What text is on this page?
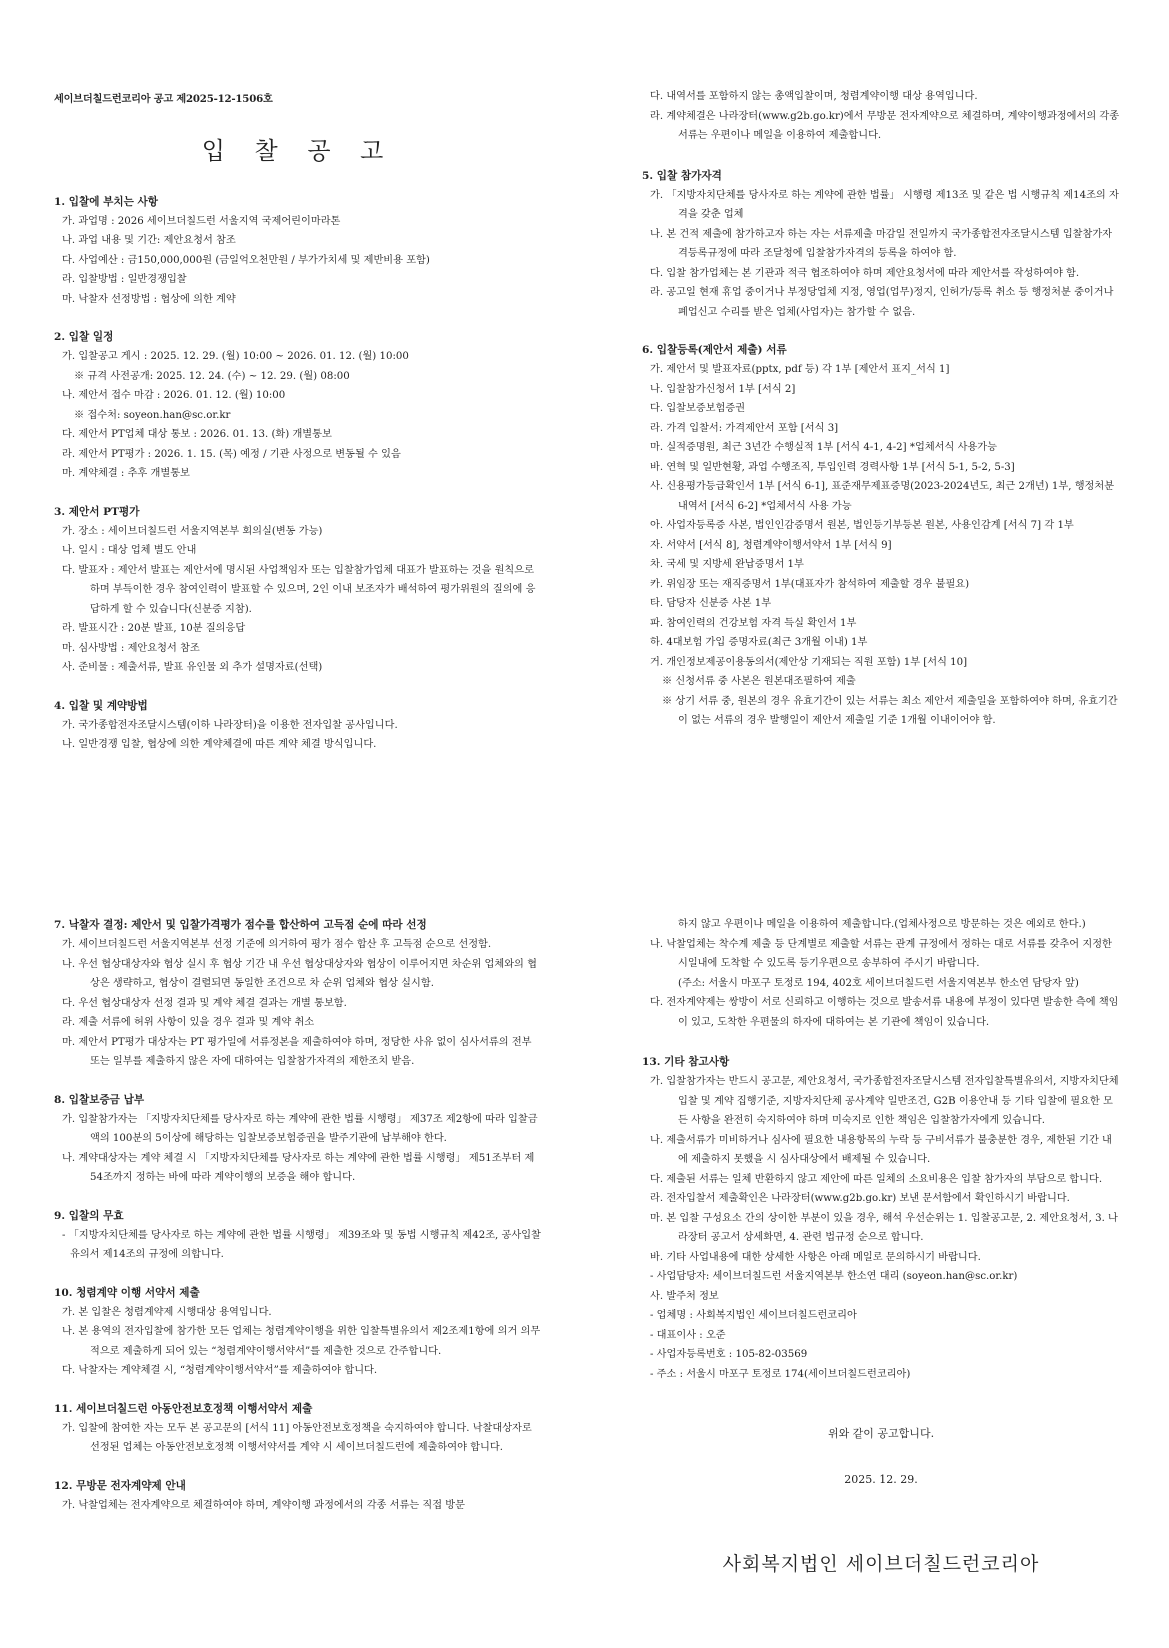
세이브더칠드런코리아 공고 제2025-12-1506호

입 찰 공 고
1. 입찰에 부치는 사항

가. 과업명 : 2026 세이브더칠드런 서울지역 국제어린이마라톤

나. 과업 내용 및 기간: 제안요청서 참조

다. 사업예산 : 금150,000,000원 (금일억오천만원 / 부가가치세 및 제반비용 포함)

라. 입찰방법 : 일반경쟁입찰

마. 낙찰자 선정방법 : 협상에 의한 계약

2. 입찰 일정

가. 입찰공고 게시 : 2025. 12. 29. (월) 10:00 ~ 2026. 01. 12. (월) 10:00

※ 규격 사전공개: 2025. 12. 24. (수) ~ 12. 29. (월) 08:00

나. 제안서 접수 마감 : 2026. 01. 12. (월) 10:00

※ 접수처: soyeon.han@sc.or.kr

다. 제안서 PT업체 대상 통보 : 2026. 01. 13. (화) 개별통보

라. 제안서 PT평가 : 2026. 1. 15. (목) 예정 / 기관 사정으로 변동될 수 있음

마. 계약체결 : 추후 개별통보

3. 제안서 PT평가

가. 장소 : 세이브더칠드런 서울지역본부 회의실(변동 가능)

나. 일시 : 대상 업체 별도 안내

다. 발표자 : 제안서 발표는 제안서에 명시된 사업책임자 또는 입찰참가업체 대표가 발표하는 것을 원칙으로 하며 부득이한 경우 참여인력이 발표할 수 있으며, 2인 이내 보조자가 배석하여 평가위원의 질의에 응답하게 할 수 있습니다(신분증 지참).

라. 발표시간 : 20분 발표, 10분 질의응답

마. 심사방법 : 제안요청서 참조

사. 준비물 : 제출서류, 발표 유인물 외 추가 설명자료(선택)

4. 입찰 및 계약방법

가. 국가종합전자조달시스템(이하 나라장터)을 이용한 전자입찰 공사입니다.

나. 일반경쟁 입찰, 협상에 의한 계약체결에 따른 계약 체결 방식입니다.

다. 내역서를 포함하지 않는 총액입찰이며, 청렴계약이행 대상 용역입니다.

라. 계약체결은 나라장터(www.g2b.go.kr)에서 무방문 전자계약으로 체결하며, 계약이행과정에서의 각종 서류는 우편이나 메일을 이용하여 제출합니다.

5. 입찰 참가자격

가. 「지방자치단체를 당사자로 하는 계약에 관한 법률」 시행령 제13조 및 같은 법 시행규칙 제14조의 자격을 갖춘 업체

나. 본 건적 제출에 참가하고자 하는 자는 서류제출 마감일 전일까지 국가종합전자조달시스템 입찰참가자격등록규정에 따라 조달청에 입찰참가자격의 등록을 하여야 함.

다. 입찰 참가업체는 본 기관과 적극 협조하여야 하며 제안요청서에 따라 제안서를 작성하여야 함.

라. 공고일 현재 휴업 중이거나 부정당업체 지정, 영업(업무)정지, 인허가/등록 취소 등 행정처분 중이거나 폐업신고 수리를 받은 업체(사업자)는 참가할 수 없음.

6. 입찰등록(제안서 제출) 서류

가. 제안서 및 발표자료(pptx, pdf 등) 각 1부 [제안서 표지_서식 1]

나. 입찰참가신청서 1부 [서식 2]

다. 입찰보증보험증권

라. 가격 입찰서: 가격제안서 포함 [서식 3]

마. 실적증명원, 최근 3년간 수행실적 1부 [서식 4-1, 4-2] *업체서식 사용가능

바. 연혁 및 일반현황, 과업 수행조직, 투입인력 경력사항 1부 [서식 5-1, 5-2, 5-3]

사. 신용평가등급확인서 1부 [서식 6-1], 표준재무제표증명(2023-2024년도, 최근 2개년) 1부, 행정처분내역서 [서식 6-2] *업체서식 사용 가능

아. 사업자등록증 사본, 법인인감증명서 원본, 법인등기부등본 원본, 사용인감계 [서식 7] 각 1부

자. 서약서 [서식 8], 청렴계약이행서약서 1부 [서식 9]

차. 국세 및 지방세 완납증명서 1부

카. 위임장 또는 재직증명서 1부(대표자가 참석하여 제출할 경우 불필요)

타. 담당자 신분증 사본 1부

파. 참여인력의 건강보험 자격 득실 확인서 1부

하. 4대보험 가입 증명자료(최근 3개월 이내) 1부

거. 개인정보제공이용동의서(제안상 기재되는 직원 포함) 1부 [서식 10]

※ 신청서류 중 사본은 원본대조필하여 제출

※ 상기 서류 중, 원본의 경우 유효기간이 있는 서류는 최소 제안서 제출일을 포함하여야 하며, 유효기간이 없는 서류의 경우 발행일이 제안서 제출일 기준 1개월 이내이어야 함.

7. 낙찰자 결정: 제안서 및 입찰가격평가 점수를 합산하여 고득점 순에 따라 선정

가. 세이브더칠드런 서울지역본부 선정 기준에 의거하여 평가 점수 합산 후 고득점 순으로 선정함.

나. 우선 협상대상자와 협상 실시 후 협상 기간 내 우선 협상대상자와 협상이 이루어지면 차순위 업체와의 협상은 생략하고, 협상이 결렬되면 동일한 조건으로 차 순위 업체와 협상 실시함.

다. 우선 협상대상자 선정 결과 및 계약 체결 결과는 개별 통보함.

라. 제출 서류에 허위 사항이 있을 경우 결과 및 계약 취소

마. 제안서 PT평가 대상자는 PT 평가일에 서류정본을 제출하여야 하며, 정당한 사유 없이 심사서류의 전부 또는 일부를 제출하지 않은 자에 대하여는 입찰참가자격의 제한조치 받음.

8. 입찰보증금 납부

가. 입찰참가자는 「지방자치단체를 당사자로 하는 계약에 관한 법률 시행령」 제37조 제2항에 따라 입찰금액의 100분의 5이상에 해당하는 입찰보증보험증권을 발주기관에 납부해야 한다.

나. 계약대상자는 계약 체결 시 「지방자치단체를 당사자로 하는 계약에 관한 법률 시행령」 제51조부터 제54조까지 정하는 바에 따라 계약이행의 보증을 해야 합니다.

9. 입찰의 무효

- 「지방자치단체를 당사자로 하는 계약에 관한 법률 시행령」 제39조와 및 동법 시행규칙 제42조, 공사입찰유의서 제14조의 규정에 의합니다.

10. 청렴계약 이행 서약서 제출

가. 본 입찰은 청렴계약제 시행대상 용역입니다.

나. 본 용역의 전자입찰에 참가한 모든 업체는 청렴계약이행을 위한 입찰특별유의서 제2조제1항에 의거 의무적으로 제출하게 되어 있는 “청렴계약이행서약서”를 제출한 것으로 간주합니다.

다. 낙찰자는 계약체결 시, “청렴계약이행서약서”를 제출하여야 합니다.

11. 세이브더칠드런 아동안전보호정책 이행서약서 제출

가. 입찰에 참여한 자는 모두 본 공고문의 [서식 11] 아동안전보호정책을 숙지하여야 합니다. 낙찰대상자로 선정된 업체는 아동안전보호정책 이행서약서를 계약 시 세이브더칠드런에 제출하여야 합니다.

12. 무방문 전자계약제 안내

가. 낙찰업체는 전자계약으로 체결하여야 하며, 계약이행 과정에서의 각종 서류는 직접 방문

하지 않고 우편이나 메일을 이용하여 제출합니다.(업체사정으로 방문하는 것은 예외로 한다.)

나. 낙찰업체는 착수계 제출 등 단계별로 제출할 서류는 관계 규정에서 정하는 대로 서류를 갖추어 지정한 시일내에 도착할 수 있도록 등기우편으로 송부하여 주시기 바랍니다.

(주소: 서울시 마포구 토정로 194, 402호 세이브더칠드런 서울지역본부 한소연 담당자 앞)

다. 전자계약제는 쌍방이 서로 신뢰하고 이행하는 것으로 발송서류 내용에 부정이 있다면 발송한 측에 책임이 있고, 도착한 우편물의 하자에 대하여는 본 기관에 책임이 있습니다.

13. 기타 참고사항

가. 입찰참가자는 반드시 공고문, 제안요청서, 국가종합전자조달시스템 전자입찰특별유의서, 지방자치단체 입찰 및 계약 집행기준, 지방자치단체 공사계약 일반조건, G2B 이용안내 등 기타 입찰에 필요한 모든 사항을 완전히 숙지하여야 하며 미숙지로 인한 책임은 입찰참가자에게 있습니다.

나. 제출서류가 미비하거나 심사에 필요한 내용항목의 누락 등 구비서류가 불충분한 경우, 제한된 기간 내에 제출하지 못했을 시 심사대상에서 배제될 수 있습니다.

다. 제출된 서류는 일체 반환하지 않고 제안에 따른 일체의 소요비용은 입찰 참가자의 부담으로 합니다.

라. 전자입찰서 제출확인은 나라장터(www.g2b.go.kr) 보낸 문서함에서 확인하시기 바랍니다.

마. 본 입찰 구성요소 간의 상이한 부분이 있을 경우, 해석 우선순위는 1. 입찰공고문, 2. 제안요청서, 3. 나라장터 공고서 상세화면, 4. 관련 법규정 순으로 합니다.

바. 기타 사업내용에 대한 상세한 사항은 아래 메일로 문의하시기 바랍니다.

- 사업담당자: 세이브더칠드런 서울지역본부 한소연 대리 (soyeon.han@sc.or.kr)

사. 발주처 정보

- 업체명 : 사회복지법인 세이브더칠드런코리아

- 대표이사 : 오준

- 사업자등록번호 : 105-82-03569

- 주소 : 서울시 마포구 토정로 174(세이브더칠드런코리아)

위와 같이 공고합니다.

2025. 12. 29.

사회복지법인 세이브더칠드런코리아
